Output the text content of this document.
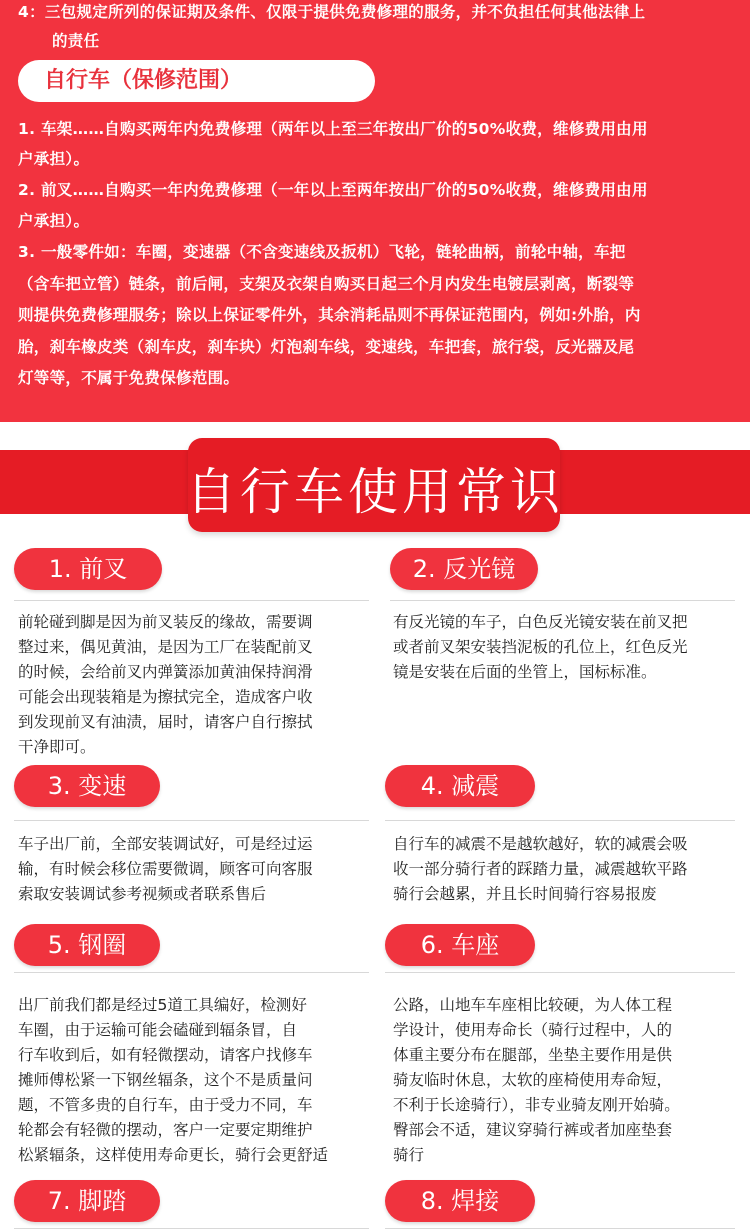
4：三包规定所列的保证期及条件、仅限于提供免费修理的服务，并不负担任何其他法律上
的责任
自行车（保修范围）
1. 车架……自购买两年内免费修理（两年以上至三年按出厂价的50%收费，维修费用由用
户承担）。
2. 前叉……自购买一年内免费修理（一年以上至两年按出厂价的50%收费，维修费用由用
户承担）。
3. 一般零件如：车圈，变速器（不含变速线及扳机）飞轮，链轮曲柄，前轮中轴，车把
（含车把立管）链条，前后闸，支架及衣架自购买日起三个月内发生电镀层剥离，断裂等
则提供免费修理服务；除以上保证零件外，其余消耗品则不再保证范围内，例如:外胎，内
胎，刹车橡皮类（刹车皮，刹车块）灯泡刹车线，变速线，车把套，旅行袋，反光器及尾
灯等等，不属于免费保修范围。
自行车使用常识
1. 前叉
前轮碰到脚是因为前叉装反的缘故，需要调
整过来，偶见黄油，是因为工厂在装配前叉
的时候，会给前叉内弹簧添加黄油保持润滑
可能会出现装箱是为擦拭完全，造成客户收
到发现前叉有油渍，届时，请客户自行擦拭
干净即可。
2. 反光镜
有反光镜的车子，白色反光镜安装在前叉把
或者前叉架安装挡泥板的孔位上，红色反光
镜是安装在后面的坐管上，国标标准。
3. 变速
车子出厂前，全部安装调试好，可是经过运
输，有时候会移位需要微调，顾客可向客服
索取安装调试参考视频或者联系售后
4. 减震
自行车的减震不是越软越好，软的减震会吸
收一部分骑行者的踩踏力量，减震越软平路
骑行会越累，并且长时间骑行容易报废
5. 钢圈
出厂前我们都是经过5道工具编好，检测好
车圈，由于运输可能会磕碰到辐条冒，自
行车收到后，如有轻微摆动，请客户找修车
摊师傅松紧一下钢丝辐条，这个不是质量问
题，不管多贵的自行车，由于受力不同，车
轮都会有轻微的摆动，客户一定要定期维护
松紧辐条，这样使用寿命更长，骑行会更舒适
6. 车座
公路，山地车车座相比较硬，为人体工程
学设计，使用寿命长（骑行过程中，人的
体重主要分布在腿部，坐垫主要作用是供
骑友临时休息，太软的座椅使用寿命短，
不利于长途骑行），非专业骑友刚开始骑。
臀部会不适，建议穿骑行裤或者加座垫套
骑行
7. 脚踏	8. 焊接
